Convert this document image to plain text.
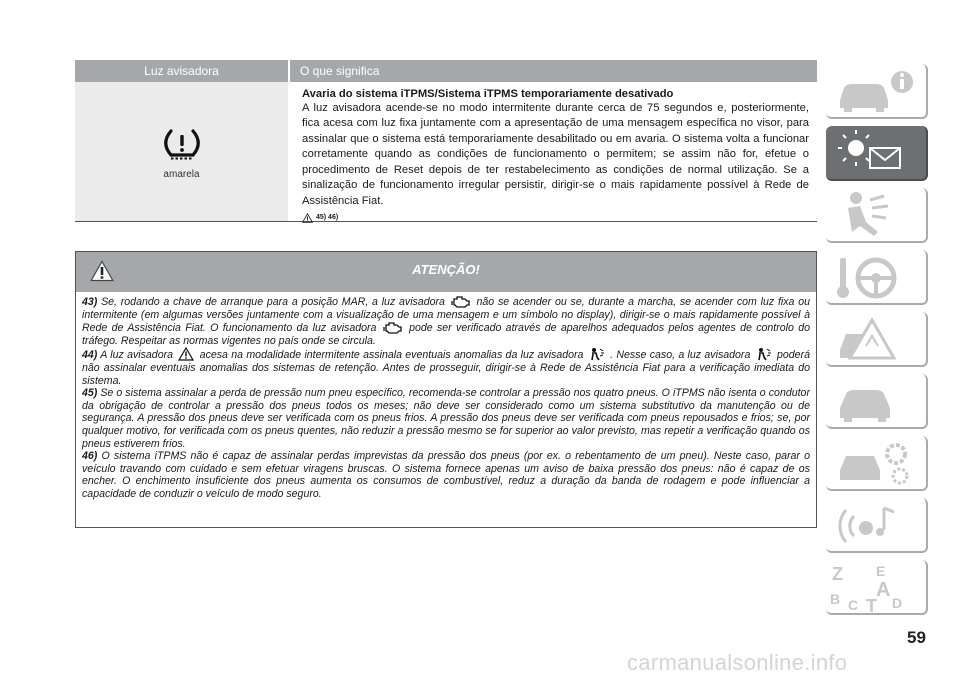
Luz avisadora	O que significa
amarela
Avaria do sistema iTPMS/Sistema iTPMS temporariamente desativado
A luz avisadora acende-se no modo intermitente durante cerca de 75 segundos e, posteriormente, fica acesa com luz fixa juntamente com a apresentação de uma mensagem específica no visor, para assinalar que o sistema está temporariamente desabilitado ou em avaria. O sistema volta a funcionar corretamente quando as condições de funcionamento o permitem; se assim não for, efetue o procedimento de Reset depois de ter restabelecimento as condições de normal utilização. Se a sinalização de funcionamento irregular persistir, dirigir-se o mais rapidamente possível à Rede de Assistência Fiat.
45) 46)
ATENÇÃO!

43) Se, rodando a chave de arranque para a posição MAR, a luz avisadora	não se acender ou se, durante a marcha, se acender com luz fixa ou intermitente (em algumas versões juntamente com a visualização de uma mensagem e um símbolo no display), dirigir-se o mais rapidamente possível à Rede de Assistência Fiat. O funcionamento da luz avisadora	pode ser verificado através de aparelhos adequados pelos agentes de controlo do tráfego. Respeitar as normas vigentes no país onde se circula.

44) A luz avisadora	acesa na modalidade intermitente assinala eventuais anomalias da luz avisadora	. Nesse caso, a luz avisadora	poderá não assinalar eventuais anomalias dos sistemas de retenção. Antes de prosseguir, dirigir-se à Rede de Assistência Fiat para a verificação imediata do sistema.

45) Se o sistema assinalar a perda de pressão num pneu específico, recomenda-se controlar a pressão nos quatro pneus. O iTPMS não isenta o condutor da obrigação de controlar a pressão dos pneus todos os meses; não deve ser considerado como um sistema substitutivo da manutenção ou de segurança. A pressão dos pneus deve ser verificada com os pneus frios. A pressão dos pneus deve ser verificada com pneus repousados e frios; se, por qualquer motivo, for verificada com os pneus quentes, não reduzir a pressão mesmo se for superior ao valor previsto, mas repetir a verificação quando os pneus estiverem frios.

46) O sistema iTPMS não é capaz de assinalar perdas imprevistas da pressão dos pneus (por ex. o rebentamento de um pneu). Neste caso, parar o veículo travando com cuidado e sem efetuar viragens bruscas. O sistema fornece apenas um aviso de baixa pressão dos pneus: não é capaz de os encher. O enchimento insuficiente dos pneus aumenta os consumos de combustível, reduz a duração da banda de rodagem e pode influenciar a capacidade de conduzir o veículo de modo seguro.

Z E
B A
C T D
59
carmanualsonline.info
